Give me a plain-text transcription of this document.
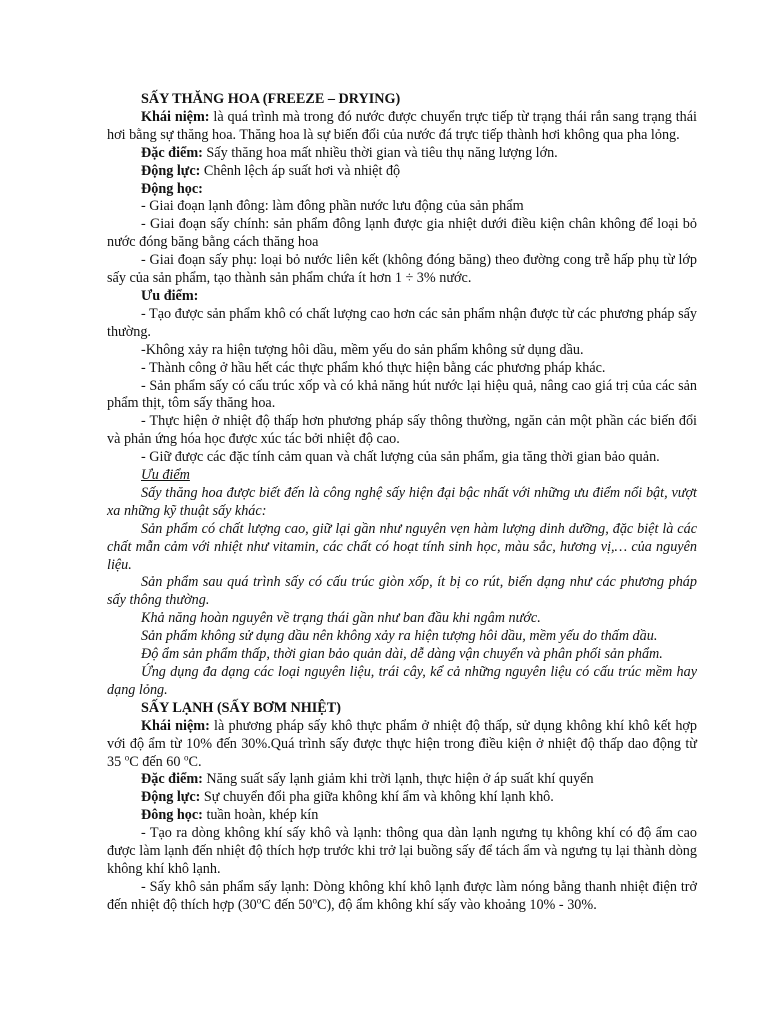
SẤY THĂNG HOA (FREEZE – DRYING)

Khái niệm: là quá trình mà trong đó nước được chuyển trực tiếp từ trạng thái rắn sang trạng thái hơi bằng sự thăng hoa. Thăng hoa là sự biến đổi của nước đá trực tiếp thành hơi không qua pha lỏng.

Đặc điểm: Sấy thăng hoa mất nhiều thời gian và tiêu thụ năng lượng lớn.

Động lực: Chênh lệch áp suất hơi và nhiệt độ

Động học:

- Giai đoạn lạnh đông: làm đông phần nước lưu động của sản phẩm

- Giai đoạn sấy chính: sản phẩm đông lạnh được gia nhiệt dưới điều kiện chân không để loại bỏ nước đóng băng bằng cách thăng hoa

- Giai đoạn sấy phụ: loại bỏ nước liên kết (không đóng băng) theo đường cong trễ hấp phụ từ lớp sấy của sản phẩm, tạo thành sản phẩm chứa ít hơn 1 ÷ 3% nước.

Ưu điểm:

- Tạo được sản phẩm khô có chất lượng cao hơn các sản phẩm nhận được từ các phương pháp sấy thường.

-Không xảy ra hiện tượng hôi dầu, mềm yếu do sản phẩm không sử dụng dầu.

- Thành công ở hầu hết các thực phẩm khó thực hiện bằng các phương pháp khác.

- Sản phẩm sấy có cấu trúc xốp và có khả năng hút nước lại hiệu quả, nâng cao giá trị của các sản phẩm thịt, tôm sấy thăng hoa.

- Thực hiện ở nhiệt độ thấp hơn phương pháp sấy thông thường, ngăn cản một phần các biến đổi và phản ứng hóa học được xúc tác bởi nhiệt độ cao.

- Giữ được các đặc tính cảm quan và chất lượng của sản phẩm, gia tăng thời gian bảo quản.

Ưu điểm

Sấy thăng hoa được biết đến là công nghệ sấy hiện đại bậc nhất với những ưu điểm nổi bật, vượt xa những kỹ thuật sấy khác:

Sản phẩm có chất lượng cao, giữ lại gần như nguyên vẹn hàm lượng dinh dưỡng, đặc biệt là các chất mẫn cảm với nhiệt như vitamin, các chất có hoạt tính sinh học, màu sắc, hương vị,… của nguyên liệu.

Sản phẩm sau quá trình sấy có cấu trúc giòn xốp, ít bị co rút, biến dạng như các phương pháp sấy thông thường.

Khả năng hoàn nguyên về trạng thái gần như ban đầu khi ngâm nước.

Sản phẩm không sử dụng dầu nên không xảy ra hiện tượng hôi dầu, mềm yếu do thấm dầu.

Độ ẩm sản phẩm thấp, thời gian bảo quản dài, dễ dàng vận chuyển và phân phối sản phẩm.

Ứng dụng đa dạng các loại nguyên liệu, trái cây, kể cả những nguyên liệu có cấu trúc mềm hay dạng lỏng.

SẤY LẠNH (SẤY BƠM NHIỆT)

Khái niệm: là phương pháp sấy khô thực phẩm ở nhiệt độ thấp, sử dụng không khí khô kết hợp với độ ẩm từ 10% đến 30%.Quá trình sấy được thực hiện trong điều kiện ở nhiệt độ thấp dao động từ 35 $^o$C đến 60 $^o$C.

Đặc điểm: Năng suất sấy lạnh giảm khi trời lạnh, thực hiện ở áp suất khí quyển

Động lực: Sự chuyển đổi pha giữa không khí ẩm và không khí lạnh khô.

Đông học: tuần hoàn, khép kín

- Tạo ra dòng không khí sấy khô và lạnh: thông qua dàn lạnh ngưng tụ không khí có độ ẩm cao được làm lạnh đến nhiệt độ thích hợp trước khi trở lại buồng sấy để tách ẩm và ngưng tụ lại thành dòng không khí khô lạnh.

- Sấy khô sản phẩm sấy lạnh: Dòng không khí khô lạnh được làm nóng bằng thanh nhiệt điện trở đến nhiệt độ thích hợp (30$^o$C đến 50$^o$C), độ ẩm không khí sấy vào khoảng 10% - 30%.
